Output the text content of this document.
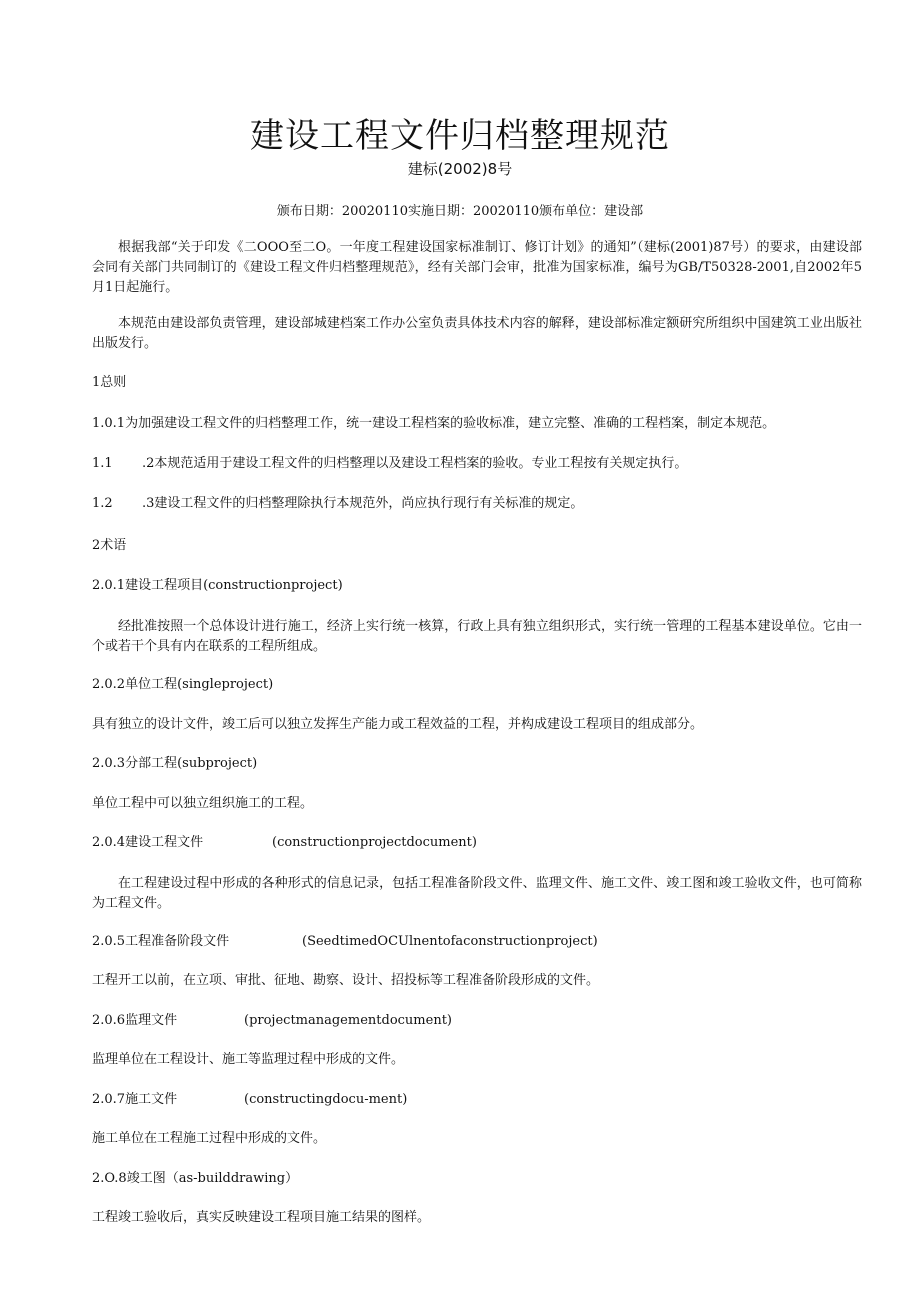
建设工程文件归档整理规范
建标(2002)8号
颁布日期：20020110实施日期：20020110颁布单位：建设部
根据我部“关于印发《二OOO至二O。一年度工程建设国家标准制订、修订计划》的通知”（建标(2001)87号）的要求，由建设部会同有关部门共同制订的《建设工程文件归档整理规范》，经有关部门会审，批准为国家标准，编号为GB/T50328-2001,自2002年5月1日起施行。
本规范由建设部负责管理，建设部城建档案工作办公室负责具体技术内容的解释，建设部标准定额研究所组织中国建筑工业出版社出版发行。
1总则
1.0.1为加强建设工程文件的归档整理工作，统一建设工程档案的验收标准，建立完整、准确的工程档案，制定本规范。
1.1 .2本规范适用于建设工程文件的归档整理以及建设工程档案的验收。专业工程按有关规定执行。
1.2 .3建设工程文件的归档整理除执行本规范外，尚应执行现行有关标准的规定。
2术语
2.0.1建设工程项目(constructionproject)
经批准按照一个总体设计进行施工，经济上实行统一核算，行政上具有独立组织形式，实行统一管理的工程基本建设单位。它由一个或若干个具有内在联系的工程所组成。
2.0.2单位工程(singleproject)
具有独立的设计文件，竣工后可以独立发挥生产能力或工程效益的工程，并构成建设工程项目的组成部分。
2.0.3分部工程(subproject)
单位工程中可以独立组织施工的工程。
2.0.4建设工程文件	(constructionprojectdocument)
在工程建设过程中形成的各种形式的信息记录，包括工程准备阶段文件、监理文件、施工文件、竣工图和竣工验收文件，也可简称为工程文件。
2.0.5工程准备阶段文件	(SeedtimedOCUlnentofaconstructionproject)
工程开工以前，在立项、审批、征地、勘察、设计、招投标等工程准备阶段形成的文件。
2.0.6监理文件	(projectmanagementdocument)
监理单位在工程设计、施工等监理过程中形成的文件。
2.0.7施工文件	(constructingdocu-ment)
施工单位在工程施工过程中形成的文件。
2.O.8竣工图（as-builddrawing）
工程竣工验收后，真实反映建设工程项目施工结果的图样。
